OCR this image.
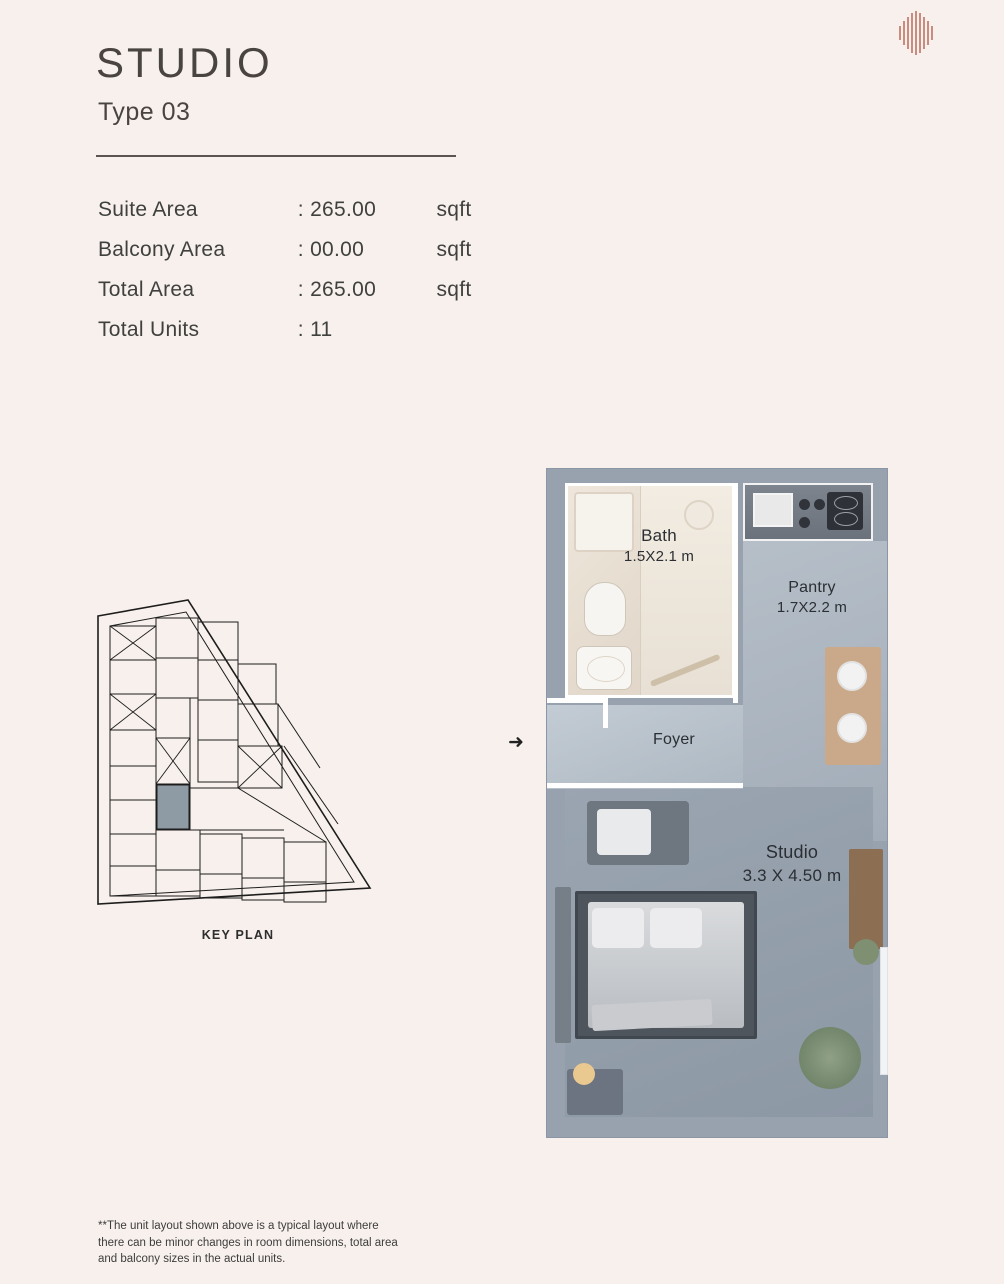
STUDIO
Type 03
Suite Area	: 265.00	sqft
Balcony Area	: 00.00	sqft
Total Area	: 265.00	sqft
Total Units	: 11	
KEY PLAN
➜
Bath
1.5X2.1 m
Pantry
1.7X2.2 m
Foyer
Studio
3.3 X 4.50 m
**The unit layout shown above is a typical layout where there can be minor changes in room dimensions, total area and balcony sizes in the actual units.
